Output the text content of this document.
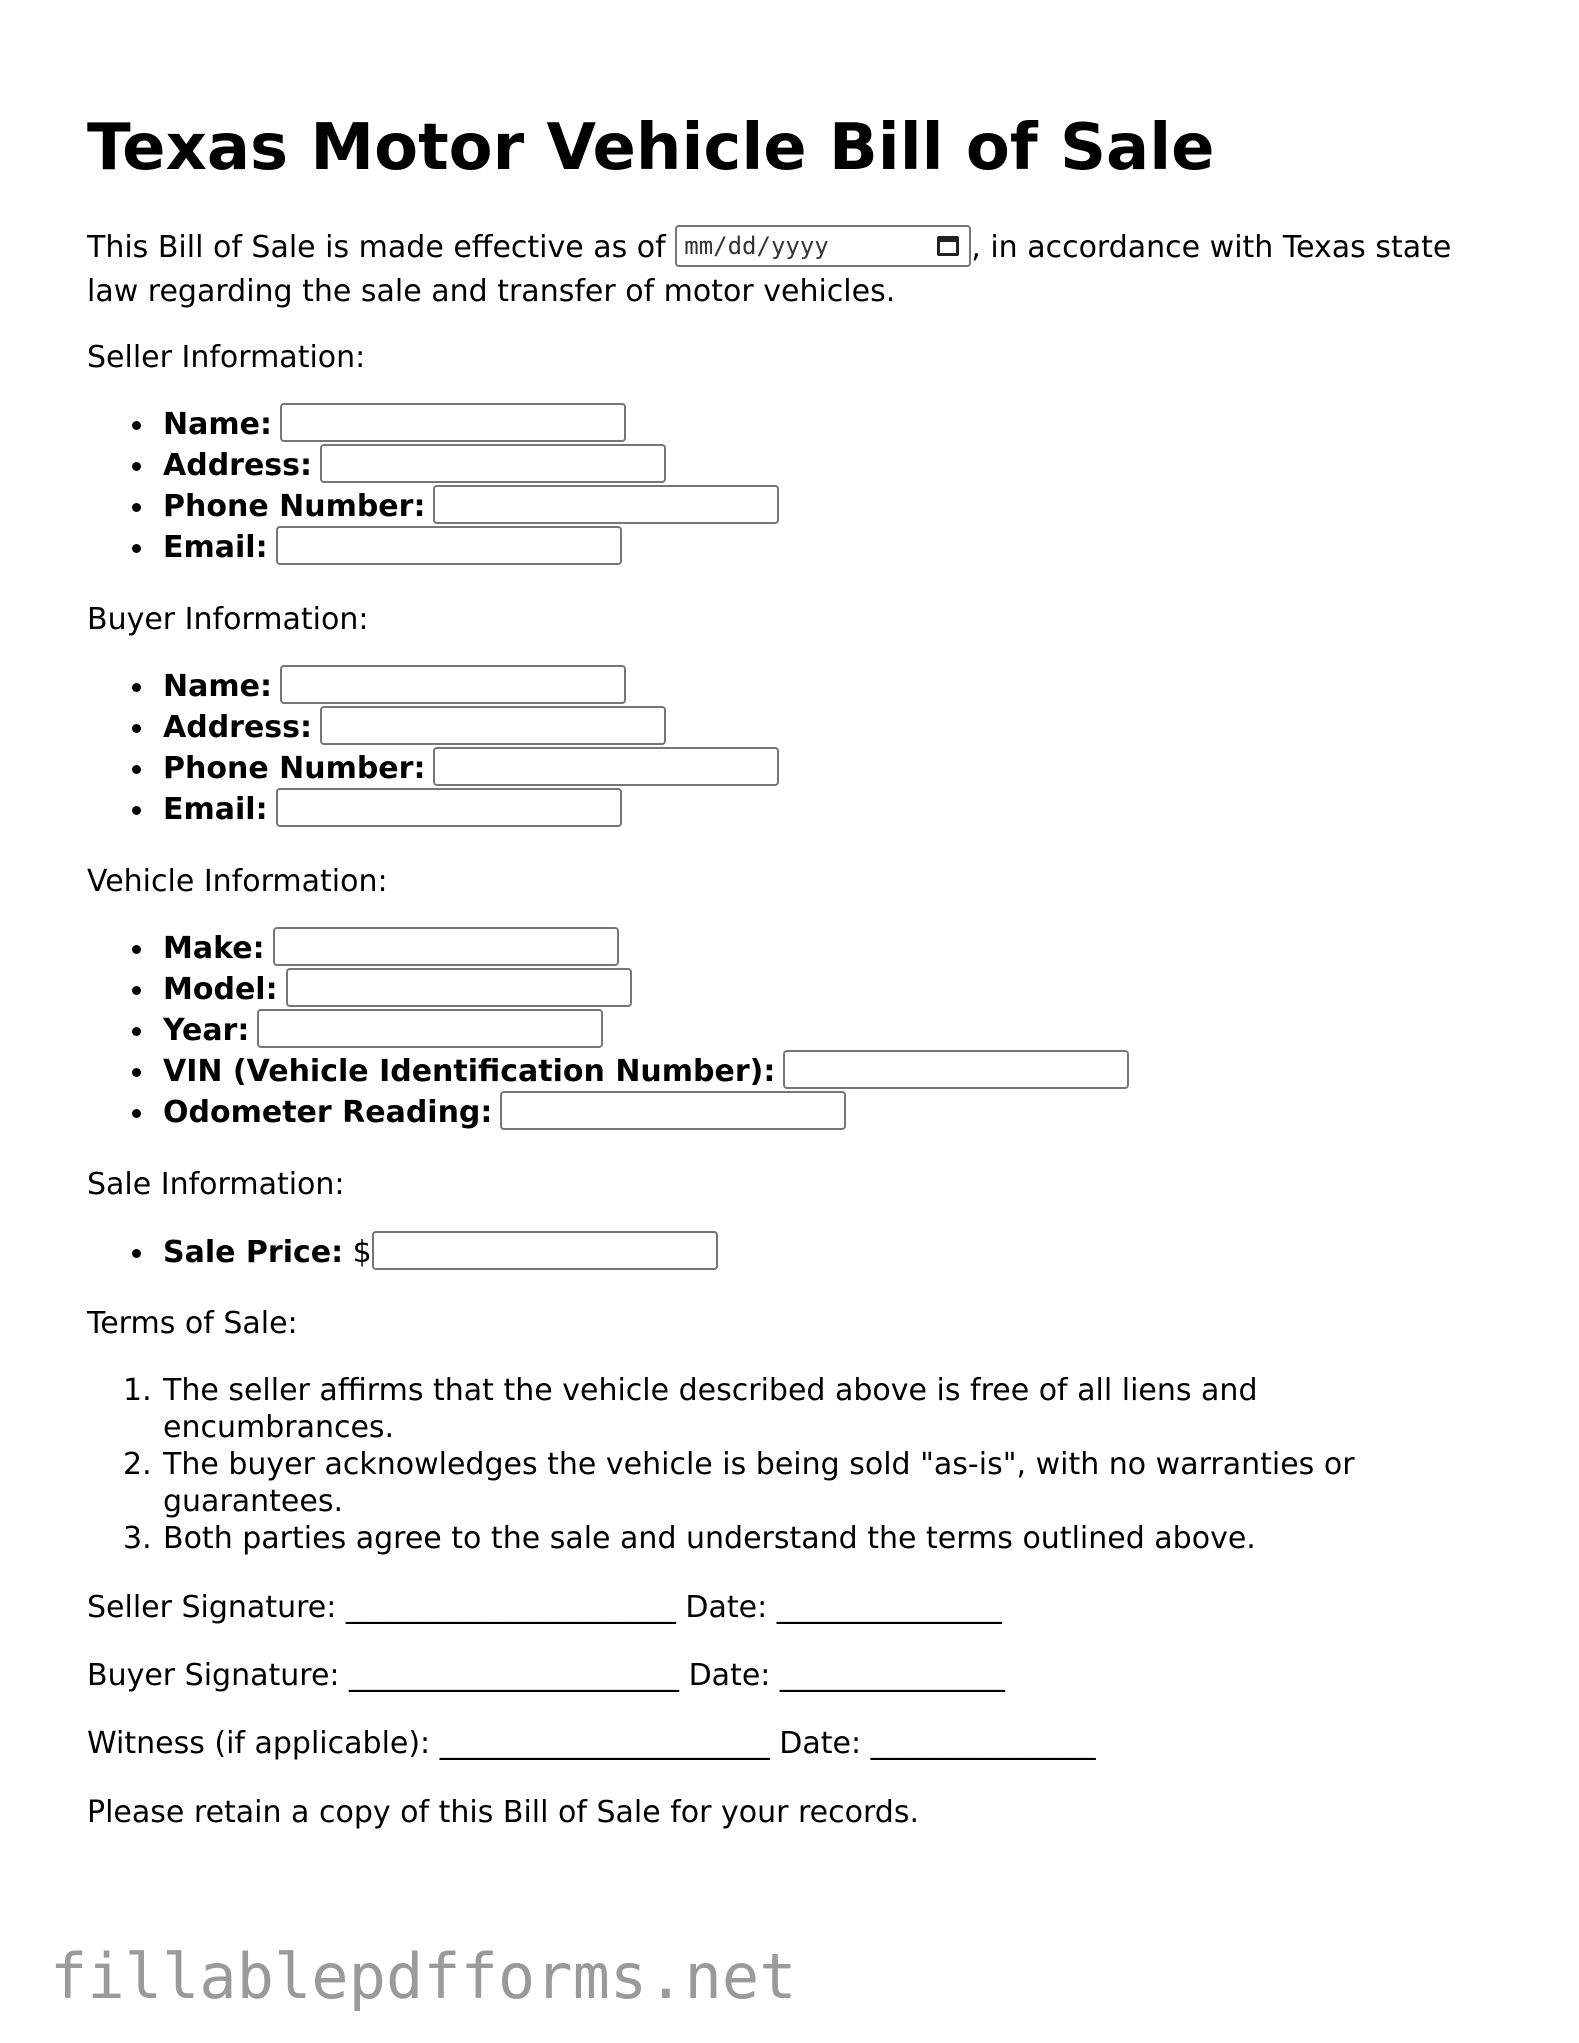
Texas Motor Vehicle Bill of Sale

This Bill of Sale is made effective as of mm/dd/yyyy	, in accordance with Texas state law regarding the sale and transfer of motor vehicles.

Seller Information:
Name:
Address:
Phone Number:
Email:
Buyer Information:
Name:
Address:
Phone Number:
Email:
Vehicle Information:
Make:
Model:
Year:
VIN (Vehicle Identification Number):
Odometer Reading:
Sale Information:
Sale Price: $
Terms of Sale:
1. The seller affirms that the vehicle described above is free of all liens and encumbrances.
2. The buyer acknowledges the vehicle is being sold "as-is", with no warranties or guarantees.
3. Both parties agree to the sale and understand the terms outlined above.
Seller Signature: ______________________ Date: _______________
Buyer Signature: ______________________ Date: _______________
Witness (if applicable): ______________________ Date: _______________
Please retain a copy of this Bill of Sale for your records.
fillablepdfforms.net
